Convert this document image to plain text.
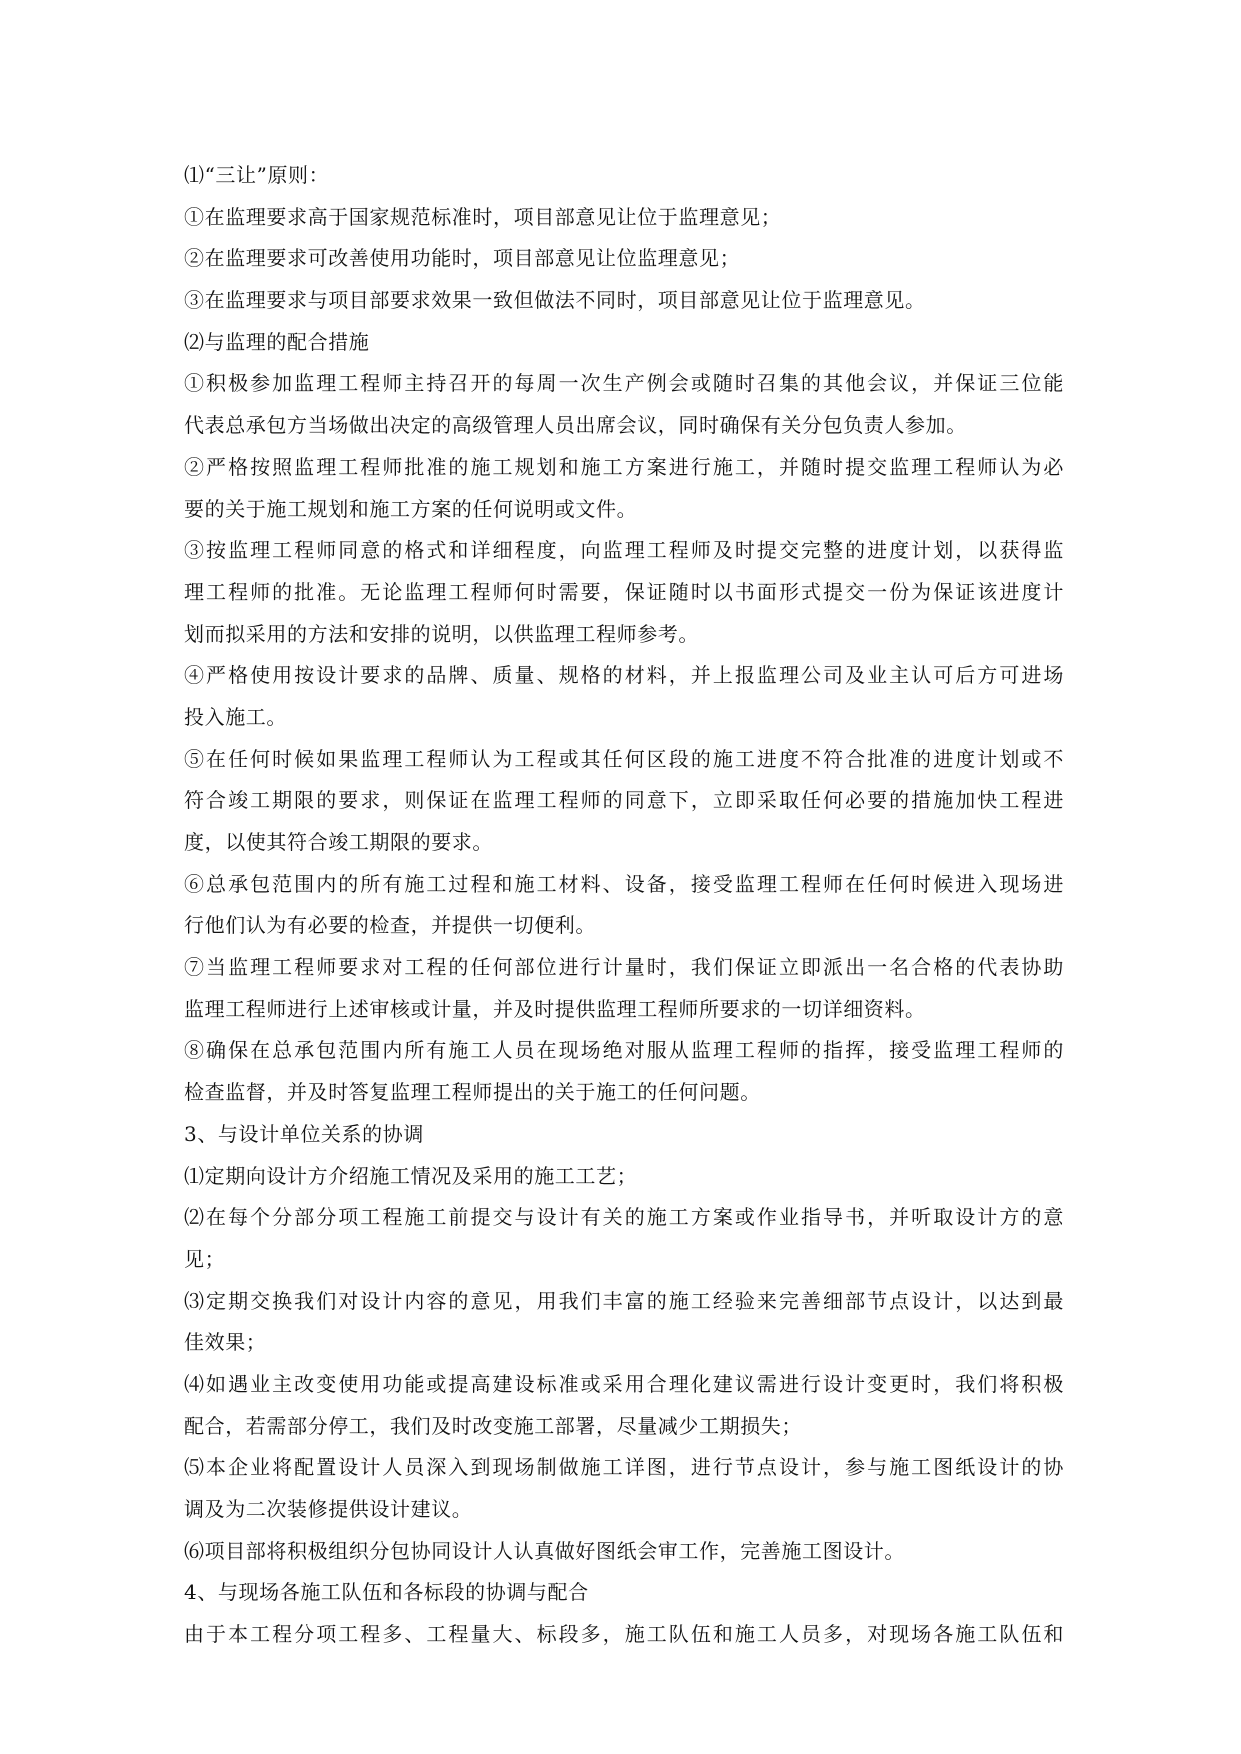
⑴“三让”原则：
①在监理要求高于国家规范标准时，项目部意见让位于监理意见；
②在监理要求可改善使用功能时，项目部意见让位监理意见；
③在监理要求与项目部要求效果一致但做法不同时，项目部意见让位于监理意见。
⑵与监理的配合措施
①积极参加监理工程师主持召开的每周一次生产例会或随时召集的其他会议，并保证三位能
代表总承包方当场做出决定的高级管理人员出席会议，同时确保有关分包负责人参加。
②严格按照监理工程师批准的施工规划和施工方案进行施工，并随时提交监理工程师认为必
要的关于施工规划和施工方案的任何说明或文件。
③按监理工程师同意的格式和详细程度，向监理工程师及时提交完整的进度计划，以获得监
理工程师的批准。无论监理工程师何时需要，保证随时以书面形式提交一份为保证该进度计
划而拟采用的方法和安排的说明，以供监理工程师参考。
④严格使用按设计要求的品牌、质量、规格的材料，并上报监理公司及业主认可后方可进场
投入施工。
⑤在任何时候如果监理工程师认为工程或其任何区段的施工进度不符合批准的进度计划或不
符合竣工期限的要求，则保证在监理工程师的同意下，立即采取任何必要的措施加快工程进
度，以使其符合竣工期限的要求。
⑥总承包范围内的所有施工过程和施工材料、设备，接受监理工程师在任何时候进入现场进
行他们认为有必要的检查，并提供一切便利。
⑦当监理工程师要求对工程的任何部位进行计量时，我们保证立即派出一名合格的代表协助
监理工程师进行上述审核或计量，并及时提供监理工程师所要求的一切详细资料。
⑧确保在总承包范围内所有施工人员在现场绝对服从监理工程师的指挥，接受监理工程师的
检查监督，并及时答复监理工程师提出的关于施工的任何问题。
3、与设计单位关系的协调
⑴定期向设计方介绍施工情况及采用的施工工艺；
⑵在每个分部分项工程施工前提交与设计有关的施工方案或作业指导书，并听取设计方的意
见；
⑶定期交换我们对设计内容的意见，用我们丰富的施工经验来完善细部节点设计，以达到最
佳效果；
⑷如遇业主改变使用功能或提高建设标准或采用合理化建议需进行设计变更时，我们将积极
配合，若需部分停工，我们及时改变施工部署，尽量减少工期损失；
⑸本企业将配置设计人员深入到现场制做施工详图，进行节点设计，参与施工图纸设计的协
调及为二次装修提供设计建议。
⑹项目部将积极组织分包协同设计人认真做好图纸会审工作，完善施工图设计。
4、与现场各施工队伍和各标段的协调与配合
由于本工程分项工程多、工程量大、标段多，施工队伍和施工人员多，对现场各施工队伍和
